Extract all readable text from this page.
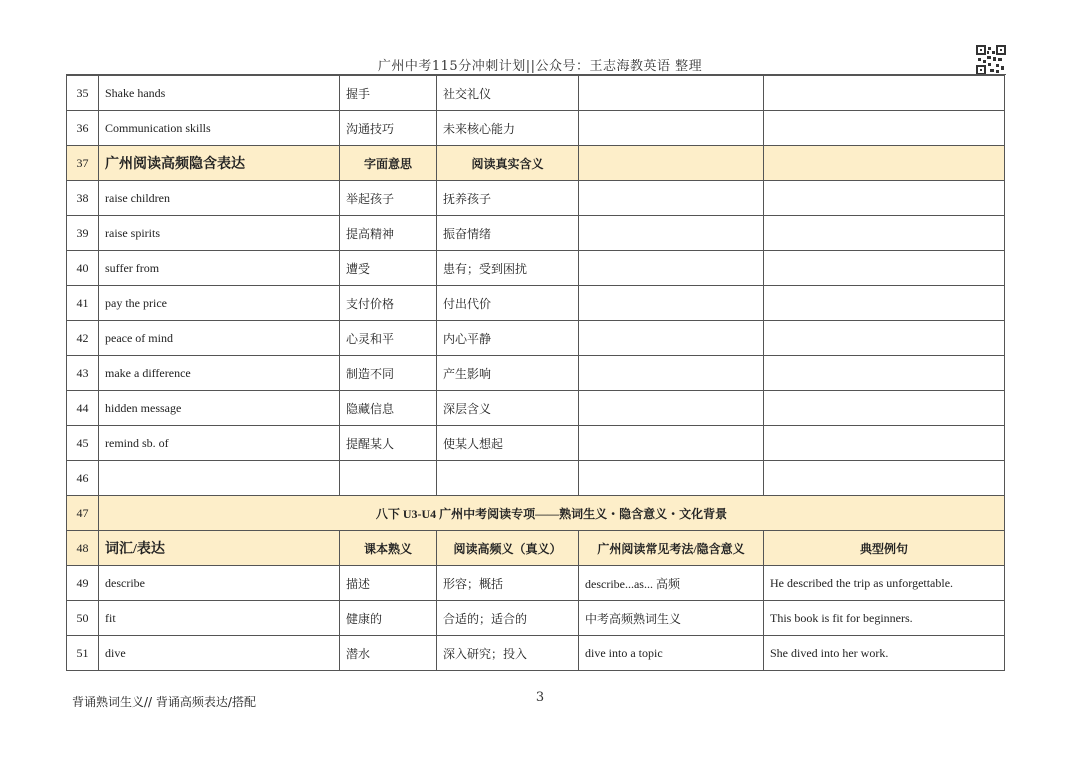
广州中考115分冲刺计划||公众号：王志海教英语 整理
35	Shake hands	握手	社交礼仪		
36	Communication skills	沟通技巧	未来核心能力		
37	广州阅读高频隐含表达	字面意思	阅读真实含义		
38	raise children	举起孩子	抚养孩子		
39	raise spirits	提高精神	振奋情绪		
40	suffer from	遭受	患有；受到困扰		
41	pay the price	支付价格	付出代价		
42	peace of mind	心灵和平	内心平静		
43	make a difference	制造不同	产生影响		
44	hidden message	隐藏信息	深层含义		
45	remind sb. of	提醒某人	使某人想起		
46					
47	八下 U3-U4 广州中考阅读专项——熟词生义・隐含意义・文化背景				
48	词汇/表达	课本熟义	阅读高频义（真义）	广州阅读常见考法/隐含意义	典型例句
49	describe	描述	形容；概括	describe...as... 高频	He described the trip as unforgettable.
50	fit	健康的	合适的；适合的	中考高频熟词生义	This book is fit for beginners.
51	dive	潜水	深入研究；投入	dive into a topic	She dived into her work.
背诵熟词生义// 背诵高频表达/搭配	3
